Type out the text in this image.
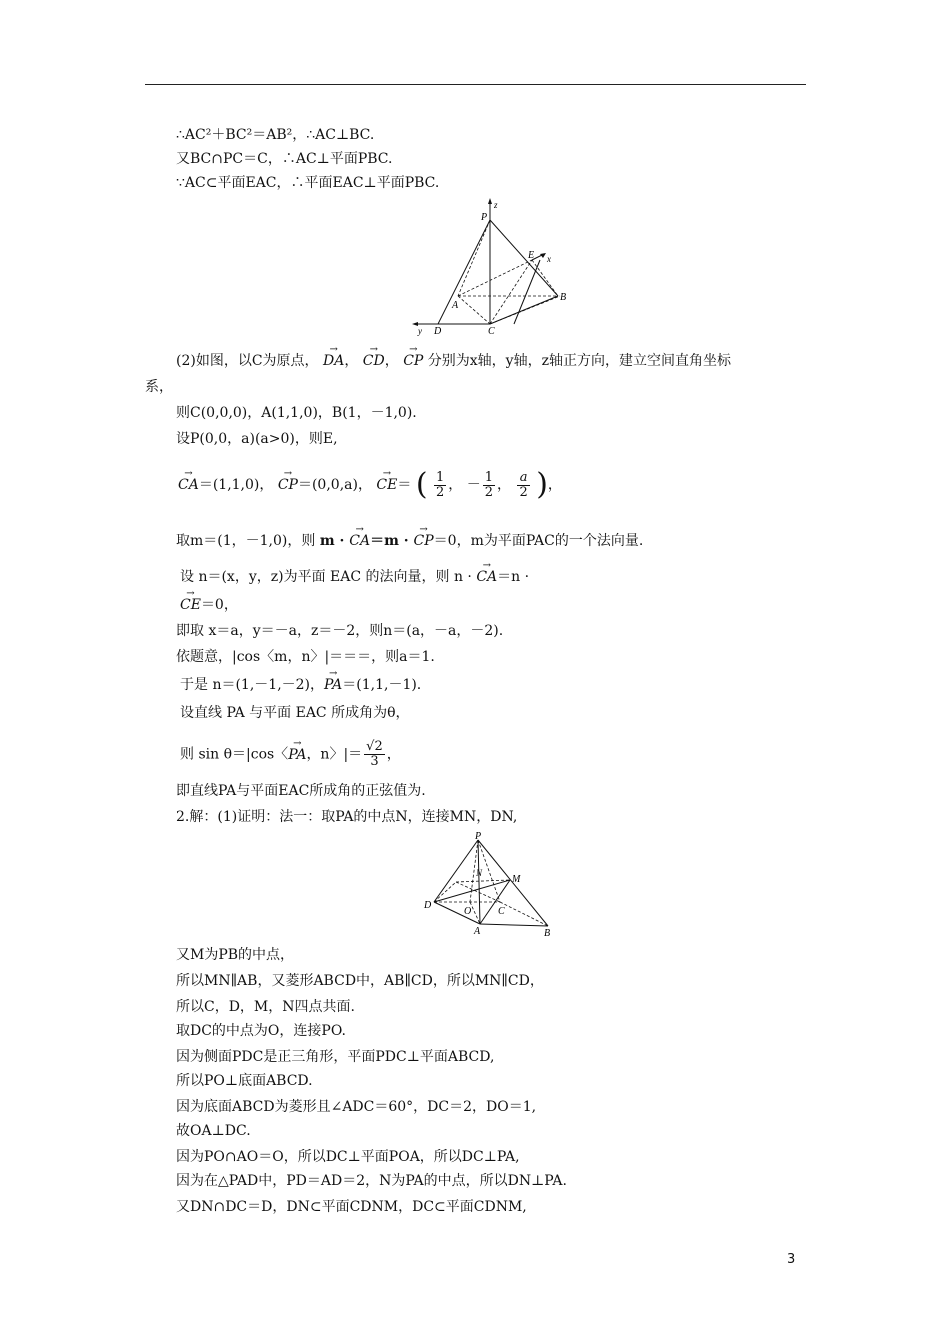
∴AC²＋BC²＝AB²，∴AC⊥BC.
又BC∩PC＝C，∴AC⊥平面PBC.
∵AC⊂平面EAC，∴平面EAC⊥平面PBC.
P
z
E x
A
B
y D	C
(2)如图，以C为原点， → DA， → CD， → CP 分别为x轴，y轴，z轴正方向，建立空间直角坐标
系，
则C(0,0,0)，A(1,1,0)，B(1，－1,0).
设P(0,0，a)(a>0)，则E,
→ CA＝(1,1,0)， → CP＝(0,0,a)， → CE＝ ( $\frac{1}{2}$ ， － $\frac{1}{2}$ ， $\frac{a}{2}$ )，
取m＝(1，－1,0)，则 m · → CA＝m · → CP＝0，m为平面PAC的一个法向量.
设 n＝(x，y，z)为平面 EAC 的法向量，则 n · → CA＝n ·
→ CE＝0，
即取 x＝a，y＝－a，z＝－2，则n＝(a，－a，－2).
依题意，|cos〈m，n〉|＝＝＝，则a＝1.
于是 n＝(1,－1,－2)，→ PA＝(1,1,－1).
设直线 PA 与平面 EAC 所成角为θ，
则 sin θ＝|cos〈→ PA，n〉|＝ $\frac{√2}{3}$ ，
即直线PA与平面EAC所成角的正弦值为.
2.解：(1)证明：法一：取PA的中点N，连接MN，DN,
P
N
M
D
O	C
A	B
又M为PB的中点，
所以MN∥AB，又菱形ABCD中，AB∥CD，所以MN∥CD，
所以C，D，M，N四点共面.
取DC的中点为O，连接PO.
因为侧面PDC是正三角形，平面PDC⊥平面ABCD,
所以PO⊥底面ABCD.
因为底面ABCD为菱形且∠ADC＝60°，DC＝2，DO＝1,
故OA⊥DC.
因为PO∩AO＝O，所以DC⊥平面POA，所以DC⊥PA,
因为在△PAD中，PD＝AD＝2，N为PA的中点，所以DN⊥PA.
又DN∩DC＝D，DN⊂平面CDNM，DC⊂平面CDNM,
3
